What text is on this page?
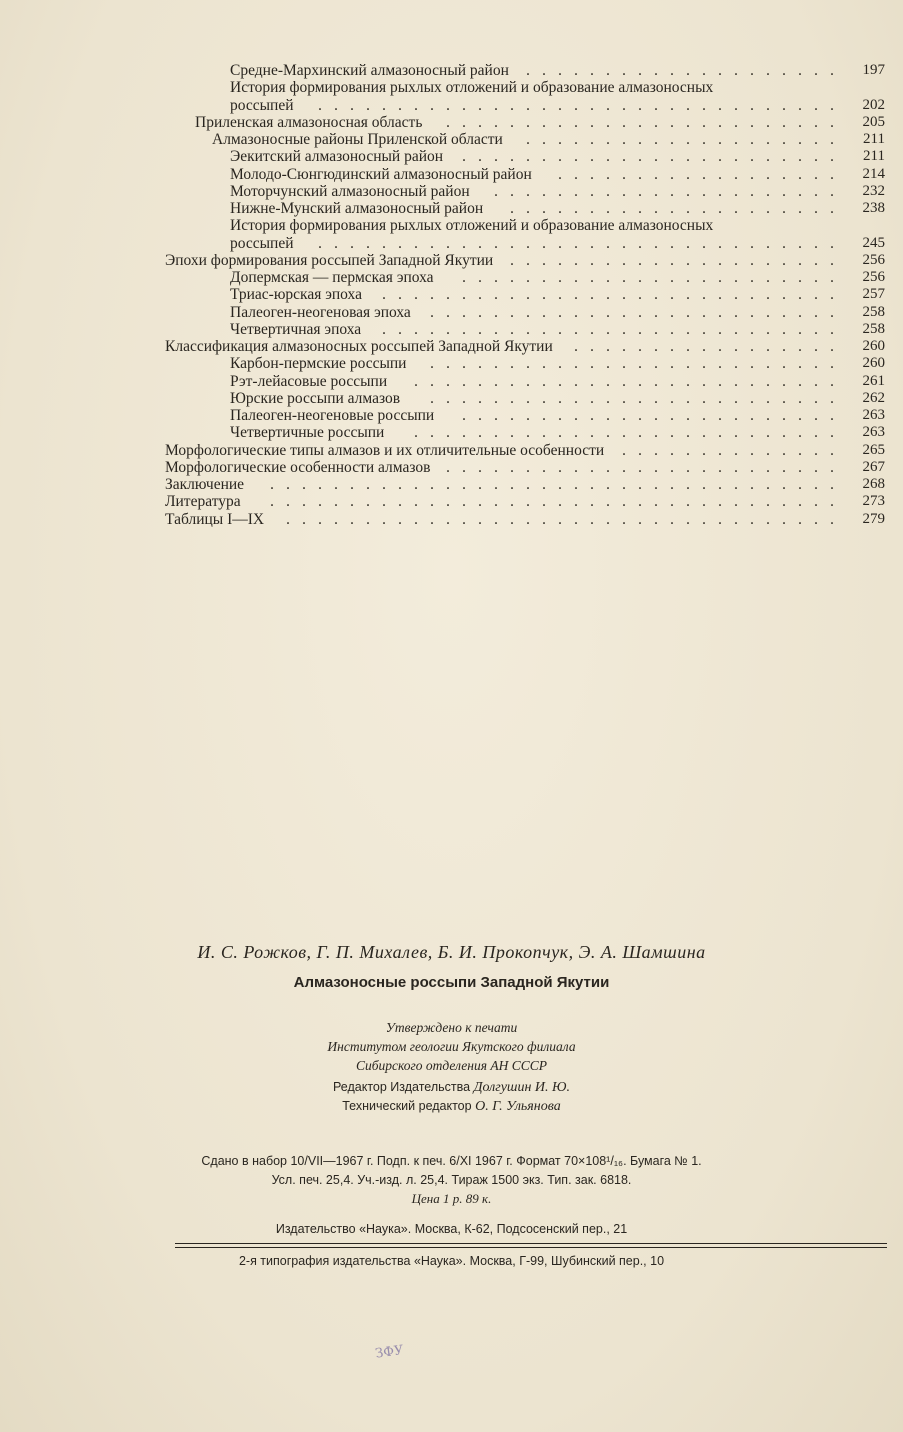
Средне-Мархинский алмазоносный район . . . . . . . . . . . . . . . . . . . .	197
История формирования рыхлых отложений и образование алмазоносных
россыпей	. . . . . . . . . . . . . . . . . . . . . . . . . . . . . . . . .	202
Приленская алмазоносная область	. . . . . . . . . . . . . . . . . . . . . . . . .	205
Алмазоносные районы Приленской области	. . . . . . . . . . . . . . . . . . . .	211
Эекитский алмазоносный район	. . . . . . . . . . . . . . . . . . . . . . . .	211
Молодо-Сюнгюдинский алмазоносный район	. . . . . . . . . . . . . . . . . .	214
Моторчунский алмазоносный район	. . . . . . . . . . . . . . . . . . . . . .	232
Нижне-Мунский алмазоносный район	. . . . . . . . . . . . . . . . . . . . .	238
История формирования рыхлых отложений и образование алмазоносных
россыпей	. . . . . . . . . . . . . . . . . . . . . . . . . . . . . . . . .	245
Эпохи формирования россыпей Западной Якутии . . . . . . . . . . . . . . . . . . . . .	256
Допермская — пермская эпоха	. . . . . . . . . . . . . . . . . . . . . . . .	256
Триас-юрская эпоха	. . . . . . . . . . . . . . . . . . . . . . . . . . . . .	257
Палеоген-неогеновая эпоха	. . . . . . . . . . . . . . . . . . . . . . . . . .	258
Четвертичная эпоха	. . . . . . . . . . . . . . . . . . . . . . . . . . . . .	258
Классификация алмазоносных россыпей Западной Якутии	. . . . . . . . . . . . . . . . .	260
Карбон-пермские россыпи	. . . . . . . . . . . . . . . . . . . . . . . . . .	260
Рэт-лейасовые россыпи	. . . . . . . . . . . . . . . . . . . . . . . . . . .	261
Юрские россыпи алмазов	. . . . . . . . . . . . . . . . . . . . . . . . . .	262
Палеоген-неогеновые россыпи	. . . . . . . . . . . . . . . . . . . . . . . .	263
Четвертичные россыпи	. . . . . . . . . . . . . . . . . . . . . . . . . . .	263
Морфологические типы алмазов и их отличительные особенности . . . . . . . . . . . . . .	265
Морфологические особенности алмазов . . . . . . . . . . . . . . . . . . . . . . . . .	267
Заключение	. . . . . . . . . . . . . . . . . . . . . . . . . . . . . . . . . . . .	268
Литература	. . . . . . . . . . . . . . . . . . . . . . . . . . . . . . . . . . . .	273
Таблицы I—IX	. . . . . . . . . . . . . . . . . . . . . . . . . . . . . . . . . . .	279
И. С. Рожков, Г. П. Михалев, Б. И. Прокопчук, Э. А. Шамшина
Алмазоносные россыпи Западной Якутии
Утверждено к печати
Институтом геологии Якутского филиала
Сибирского отделения АН СССР
Редактор Издательства Долгушин И. Ю.
Технический редактор О. Г. Ульянова
Сдано в набор 10/VII—1967 г. Подп. к печ. 6/XI 1967 г. Формат 70×108¹/₁₆. Бумага № 1.
Усл. печ. 25,4. Уч.-изд. л. 25,4. Тираж 1500 экз. Тип. зак. 6818.
Цена 1 р. 89 к.
Издательство «Наука». Москва, К-62, Подсосенский пер., 21
2-я типография издательства «Наука». Москва, Г-99, Шубинский пер., 10
ЗФУ
